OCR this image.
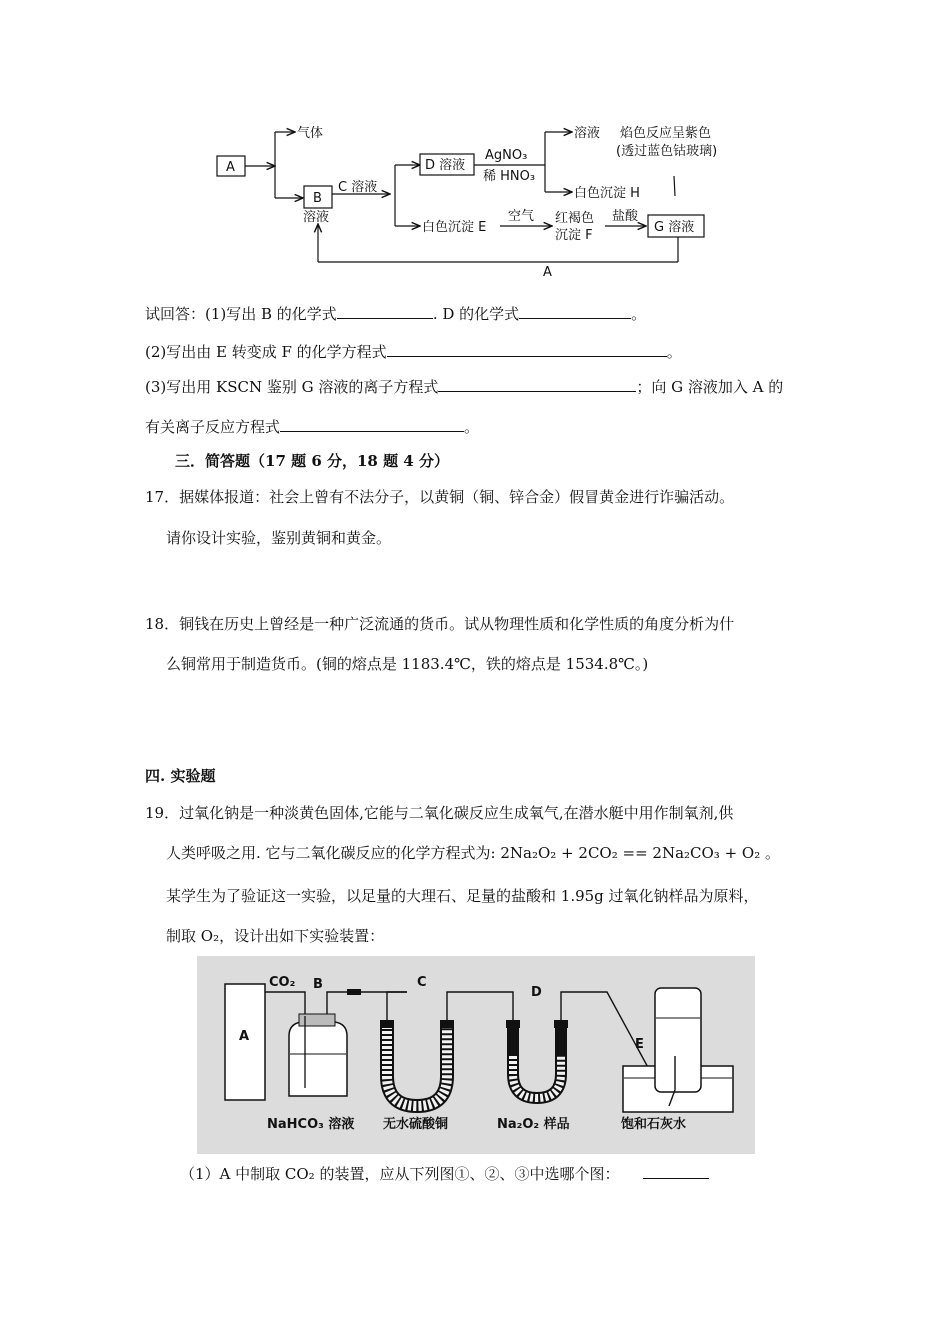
A
气体
B
溶液
C 溶液
D 溶液
AgNO₃
稀 HNO₃
溶液 焰色反应呈紫色
(透过蓝色钴玻璃)
白色沉淀 H
白色沉淀 E
空气 红褐色
沉淀 F
盐酸
G 溶液
A
试回答：(1)写出 B 的化学式	. D 的化学式	。
(2)写出由 E 转变成 F 的化学方程式	。
(3)写出用 KSCN 鉴别 G 溶液的离子方程式	；向 G 溶液加入 A 的
有关离子反应方程式	。
三．简答题（17 题 6 分，18 题 4 分）
17．据媒体报道：社会上曾有不法分子，以黄铜（铜、锌合金）假冒黄金进行诈骗活动。
请你设计实验，鉴别黄铜和黄金。
18．铜钱在历史上曾经是一种广泛流通的货币。试从物理性质和化学性质的角度分析为什
么铜常用于制造货币。(铜的熔点是 1183.4℃，铁的熔点是 1534.8℃。)
四. 实验题
19．过氧化钠是一种淡黄色固体,它能与二氧化碳反应生成氧气,在潜水艇中用作制氧剂,供
人类呼吸之用. 它与二氧化碳反应的化学方程式为: 2Na₂O₂ + 2CO₂ == 2Na₂CO₃ + O₂ 。
某学生为了验证这一实验，以足量的大理石、足量的盐酸和 1.95g 过氧化钠样品为原料，
制取 O₂，设计出如下实验装置：
A
CO₂ B
NaHCO₃ 溶液
C
无水硫酸铜
D
Na₂O₂ 样品
E
饱和石灰水
（1）A 中制取 CO₂ 的装置，应从下列图①、②、③中选哪个图：
